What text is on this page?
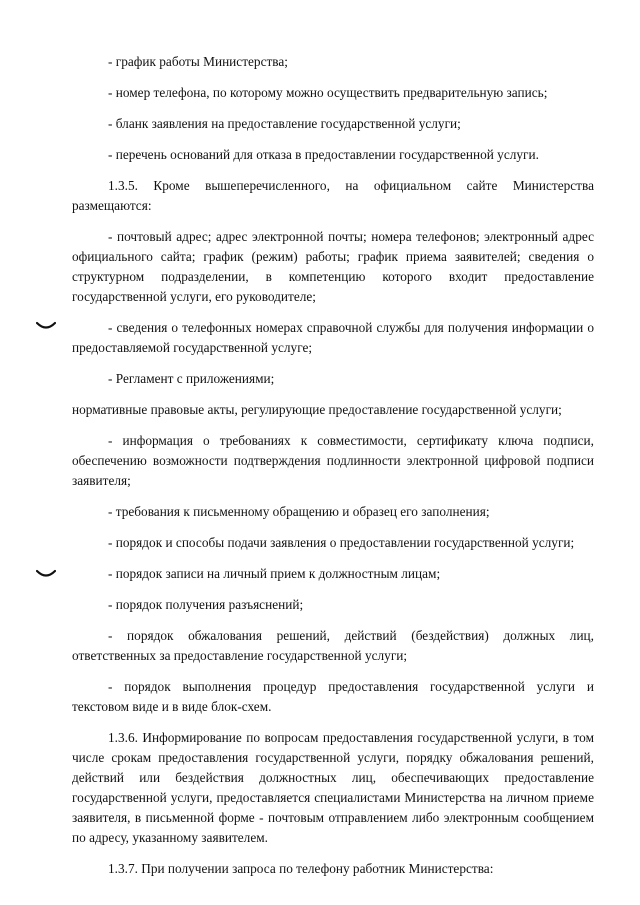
- график работы Министерства;

- номер телефона, по которому можно осуществить предварительную запись;

- бланк заявления на предоставление государственной услуги;

- перечень оснований для отказа в предоставлении государственной услуги.

1.3.5. Кроме вышеперечисленного, на официальном сайте Министерства размещаются:

- почтовый адрес; адрес электронной почты; номера телефонов; электронный адрес официального сайта; график (режим) работы; график приема заявителей; сведения о структурном подразделении, в компетенцию которого входит предоставление государственной услуги, его руководителе;

- сведения о телефонных номерах справочной службы для получения информации о предоставляемой государственной услуге;

- Регламент с приложениями;

нормативные правовые акты, регулирующие предоставление государственной услуги;

- информация о требованиях к совместимости, сертификату ключа подписи, обеспечению возможности подтверждения подлинности электронной цифровой подписи заявителя;

- требования к письменному обращению и образец его заполнения;

- порядок и способы подачи заявления о предоставлении государственной услуги;

- порядок записи на личный прием к должностным лицам;

- порядок получения разъяснений;

- порядок обжалования решений, действий (бездействия) должных лиц, ответственных за предоставление государственной услуги;

- порядок выполнения процедур предоставления государственной услуги и текстовом виде и в виде блок-схем.

1.3.6. Информирование по вопросам предоставления государственной услуги, в том числе срокам предоставления государственной услуги, порядку обжалования решений, действий или бездействия должностных лиц, обеспечивающих предоставление государственной услуги, предоставляется специалистами Министерства на личном приеме заявителя, в письменной форме - почтовым отправлением либо электронным сообщением по адресу, указанному заявителем.

1.3.7. При получении запроса по телефону работник Министерства:
